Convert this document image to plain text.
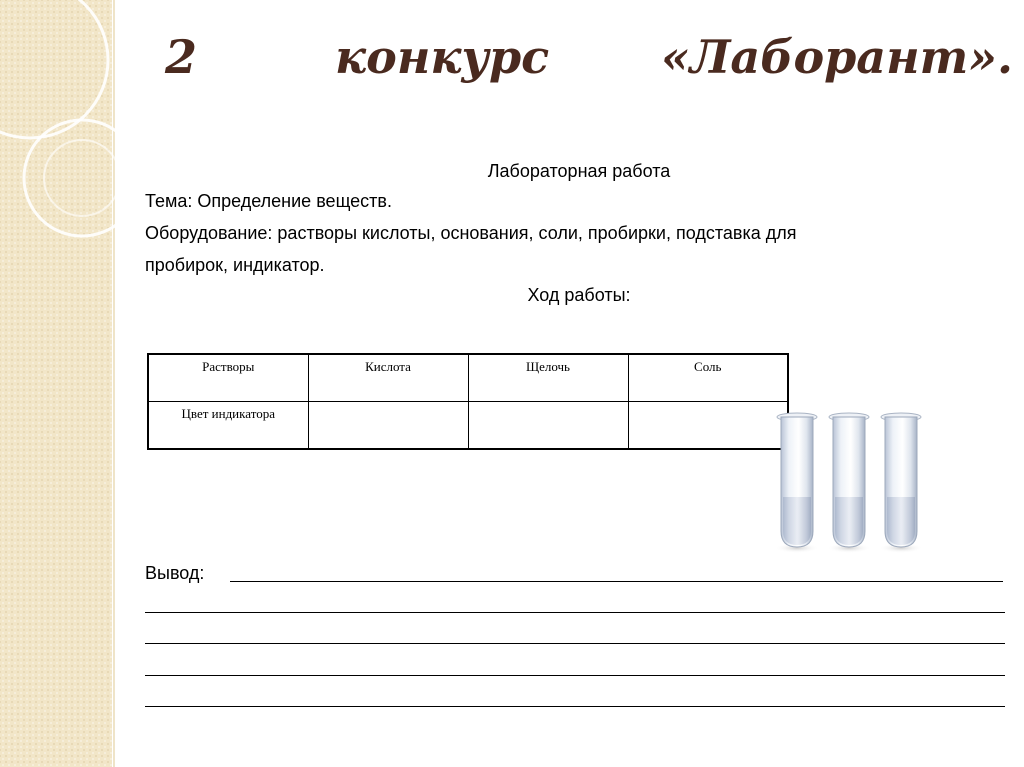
2	конкурс «Лаборант».
Лабораторная работа
Тема: Определение веществ.
Оборудование: растворы кислоты, основания, соли, пробирки, подставка для
пробирок, индикатор.
Ход работы:
Растворы	Кислота	Щелочь	Соль
Цвет индикатора			
Вывод:
